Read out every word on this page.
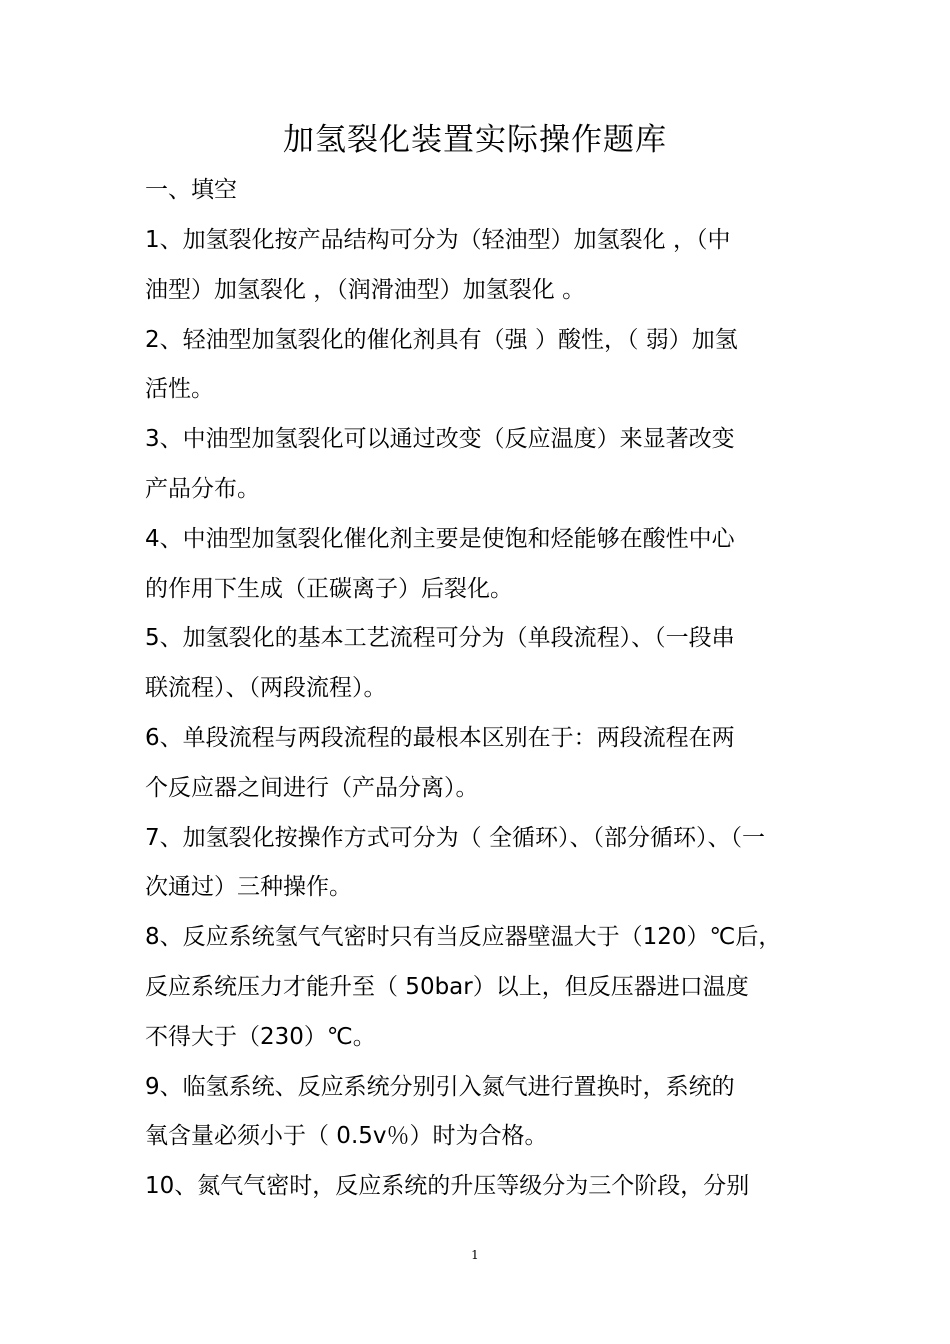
加氢裂化装置实际操作题库
一、填空
1、加氢裂化按产品结构可分为（轻油型）加氢裂化 ，（中
油型）加氢裂化 ，（润滑油型）加氢裂化 。
2、轻油型加氢裂化的催化剂具有（强 ）酸性，（ 弱）加氢
活性。
3、中油型加氢裂化可以通过改变（反应温度）来显著改变
产品分布。
4、中油型加氢裂化催化剂主要是使饱和烃能够在酸性中心
的作用下生成（正碳离子）后裂化。
5、加氢裂化的基本工艺流程可分为（单段流程）、（一段串
联流程）、（两段流程）。
6、单段流程与两段流程的最根本区别在于：两段流程在两
个反应器之间进行（产品分离）。
7、加氢裂化按操作方式可分为（ 全循环）、（部分循环）、（一
次通过）三种操作。
8、反应系统氢气气密时只有当反应器壁温大于（120）℃后，
反应系统压力才能升至（ 50bar）以上，但反压器进口温度
不得大于（230）℃。
9、临氢系统、反应系统分别引入氮气进行置换时，系统的
氧含量必须小于（ 0.5v％）时为合格。
10、氮气气密时，反应系统的升压等级分为三个阶段，分别
1
